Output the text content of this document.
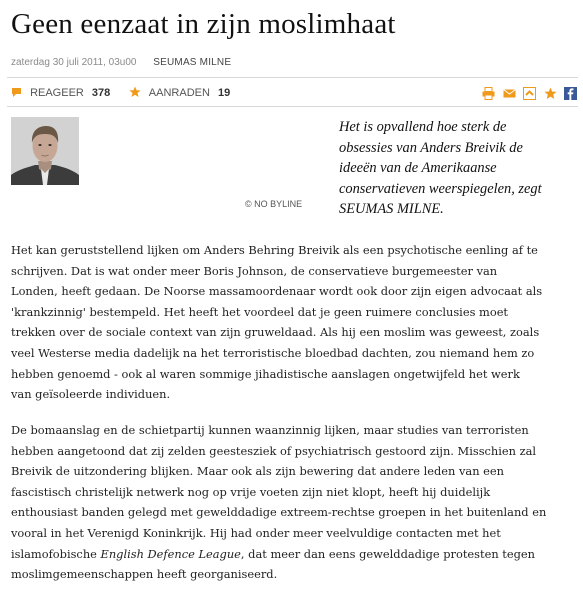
Geen eenzaat in zijn moslimhaat
zaterdag 30 juli 2011, 03u00 SEUMAS MILNE
REAGEER 378	AANRADEN 19

© NO BYLINE

Het is opvallend hoe sterk de
obsessies van Anders Breivik de
ideeën van de Amerikaanse
conservatieven weerspiegelen, zegt
SEUMAS MILNE.

Het kan geruststellend lijken om Anders Behring Breivik als een psychotische eenling af te
schrijven. Dat is wat onder meer Boris Johnson, de conservatieve burgemeester van
Londen, heeft gedaan. De Noorse massamoordenaar wordt ook door zijn eigen advocaat als
'krankzinnig' bestempeld. Het heeft het voordeel dat je geen ruimere conclusies moet
trekken over de sociale context van zijn gruweldaad. Als hij een moslim was geweest, zoals
veel Westerse media dadelijk na het terroristische bloedbad dachten, zou niemand hem zo
hebben genoemd - ook al waren sommige jihadistische aanslagen ongetwijfeld het werk
van geïsoleerde individuen.

De bomaanslag en de schietpartij kunnen waanzinnig lijken, maar studies van terroristen
hebben aangetoond dat zij zelden geestesziek of psychiatrisch gestoord zijn. Misschien zal
Breivik de uitzondering blijken. Maar ook als zijn bewering dat andere leden van een
fascistisch christelijk netwerk nog op vrije voeten zijn niet klopt, heeft hij duidelijk
enthousiast banden gelegd met gewelddadige extreem-rechtse groepen in het buitenland en
vooral in het Verenigd Koninkrijk. Hij had onder meer veelvuldige contacten met het
islamofobische English Defence League, dat meer dan eens gewelddadige protesten tegen
moslimgemeenschappen heeft georganiseerd.
